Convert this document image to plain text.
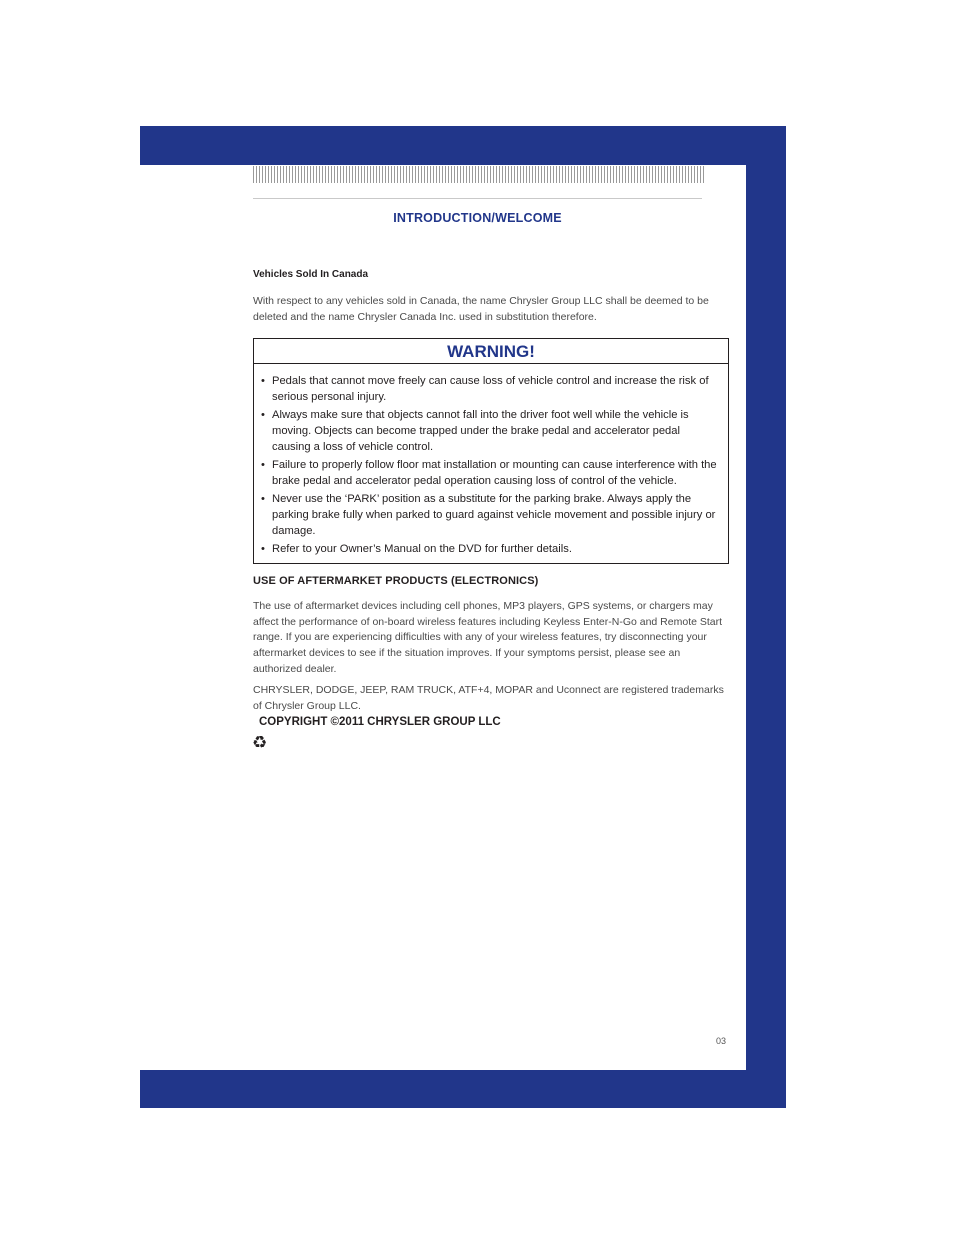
INTRODUCTION/WELCOME
Vehicles Sold In Canada
With respect to any vehicles sold in Canada, the name Chrysler Group LLC shall be deemed to be deleted and the name Chrysler Canada Inc. used in substitution therefore.
WARNING!
• Pedals that cannot move freely can cause loss of vehicle control and increase the risk of serious personal injury.
• Always make sure that objects cannot fall into the driver foot well while the vehicle is moving. Objects can become trapped under the brake pedal and accelerator pedal causing a loss of vehicle control.
• Failure to properly follow floor mat installation or mounting can cause interference with the brake pedal and accelerator pedal operation causing loss of control of the vehicle.
• Never use the ‘PARK’ position as a substitute for the parking brake. Always apply the parking brake fully when parked to guard against vehicle movement and possible injury or damage.
• Refer to your Owner’s Manual on the DVD for further details.
USE OF AFTERMARKET PRODUCTS (ELECTRONICS)
The use of aftermarket devices including cell phones, MP3 players, GPS systems, or chargers may affect the performance of on-board wireless features including Keyless Enter-N-Go and Remote Start range. If you are experiencing difficulties with any of your wireless features, try disconnecting your aftermarket devices to see if the situation improves. If your symptoms persist, please see an authorized dealer.
CHRYSLER, DODGE, JEEP, RAM TRUCK, ATF+4, MOPAR and Uconnect are registered trademarks of Chrysler Group LLC.
COPYRIGHT ©2011 CHRYSLER GROUP LLC
♻
03
